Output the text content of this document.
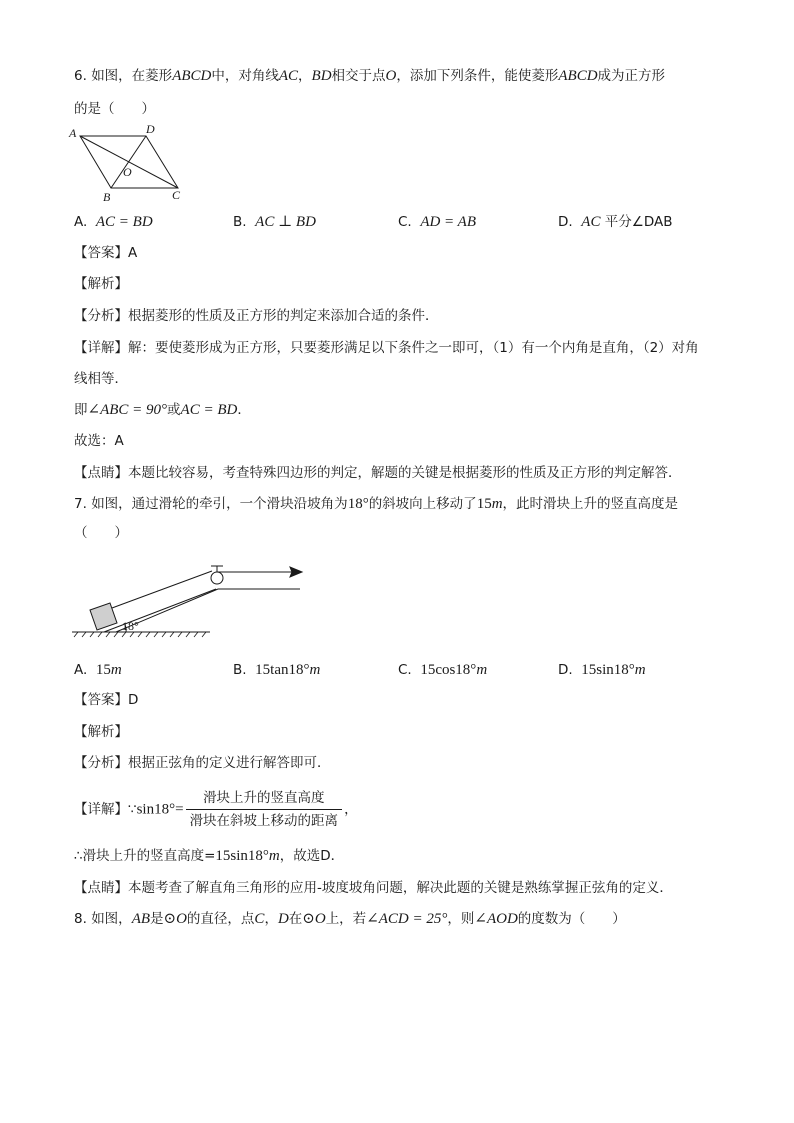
6. 如图，在菱形ABCD中，对角线AC，BD相交于点O，添加下列条件，能使菱形ABCD成为正方形
的是（　　）
A	D
O
B	C
A. AC = BD	B. AC ⊥ BD	C. AD = AB	D. AC 平分∠DAB
【答案】A
【解析】
【分析】根据菱形的性质及正方形的判定来添加合适的条件．
【详解】解：要使菱形成为正方形，只要菱形满足以下条件之一即可，（1）有一个内角是直角，（2）对角
线相等．
即∠ABC = 90°或AC = BD．
故选：A
【点睛】本题比较容易，考查特殊四边形的判定，解题的关键是根据菱形的性质及正方形的判定解答．
7. 如图，通过滑轮的牵引，一个滑块沿坡角为18°的斜坡向上移动了15m，此时滑块上升的竖直高度是
（　　）
18°
A. 15m	B. 15tan18°m	C. 15cos18°m	D. 15sin18°m
【答案】D
【解析】
【分析】根据正弦角的定义进行解答即可．
【详解】∵sin18°= $\frac{\text{滑块上升的竖直高度}}{\text{滑块在斜坡上移动的距离}}$ ，
∴滑块上升的竖直高度=15sin18°m，故选D．
【点睛】本题考查了解直角三角形的应用-坡度坡角问题，解决此题的关键是熟练掌握正弦角的定义．
8. 如图，AB是⊙O的直径，点C，D在⊙O上，若∠ACD = 25°，则∠AOD的度数为（　　）
